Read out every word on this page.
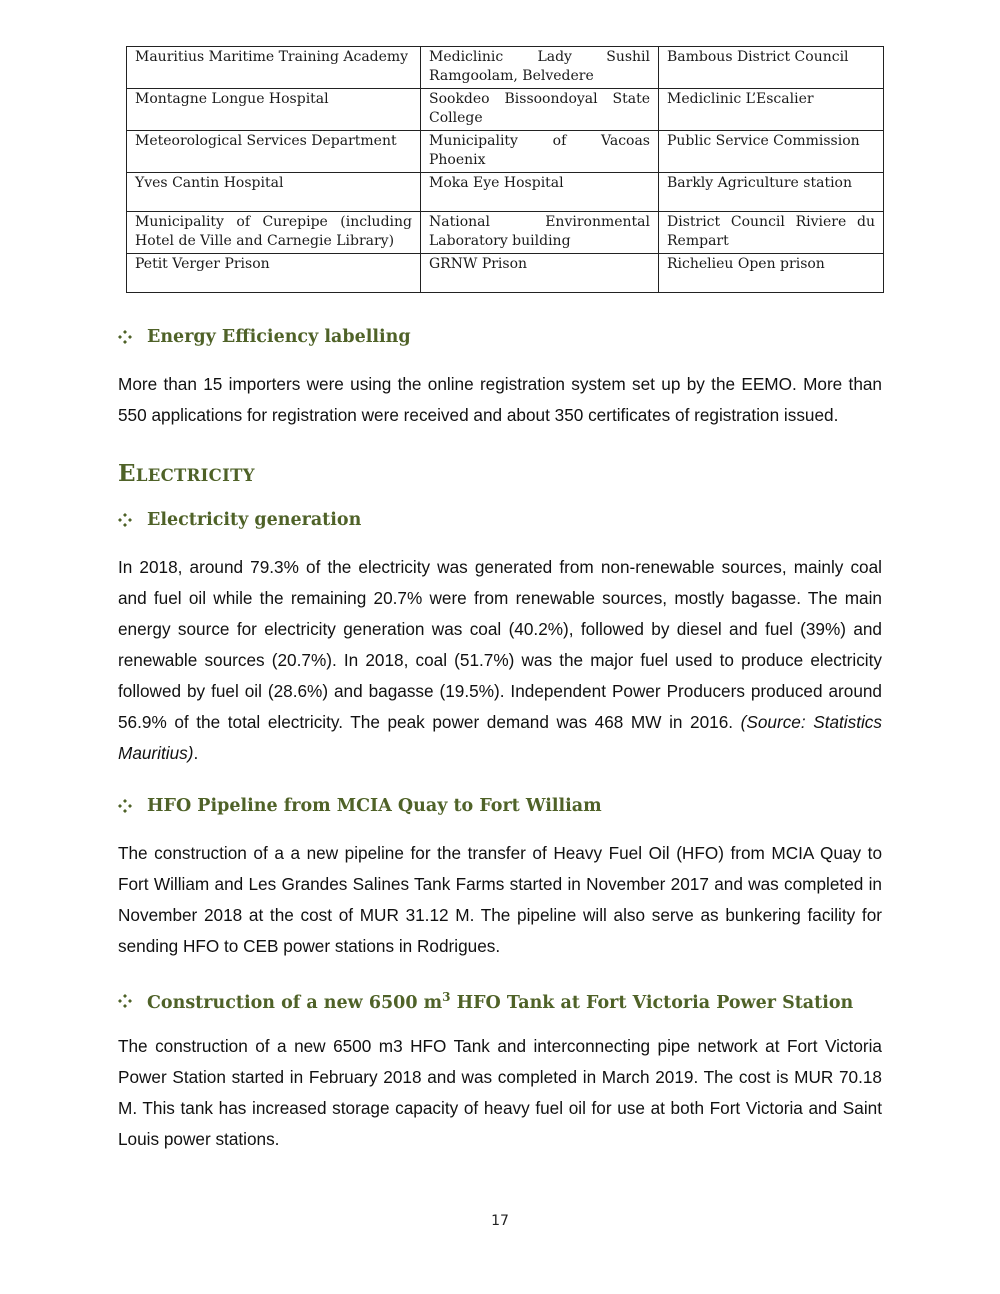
Mauritius Maritime Training Academy	Mediclinic Lady Sushil Ramgoolam, Belvedere	Bambous District Council
Montagne Longue Hospital	Sookdeo Bissoondoyal State College	Mediclinic L’Escalier
Meteorological Services Department	Municipality of Vacoas Phoenix	Public Service Commission
Yves Cantin Hospital	Moka Eye Hospital	Barkly Agriculture station
Municipality of Curepipe (including Hotel de Ville and Carnegie Library)	National Environmental Laboratory building	District Council Riviere du Rempart
Petit Verger Prison	GRNW Prison	Richelieu Open prison
Energy Efficiency labelling

More than 15 importers were using the online registration system set up by the EEMO. More than 550 applications for registration were received and about 350 certificates of registration issued.

ELECTRICITY
Electricity generation

In 2018, around 79.3% of the electricity was generated from non-renewable sources, mainly coal and fuel oil while the remaining 20.7% were from renewable sources, mostly bagasse. The main energy source for electricity generation was coal (40.2%), followed by diesel and fuel (39%) and renewable sources (20.7%). In 2018, coal (51.7%) was the major fuel used to produce electricity followed by fuel oil (28.6%) and bagasse (19.5%). Independent Power Producers produced around 56.9% of the total electricity. The peak power demand was 468 MW in 2016. (Source: Statistics Mauritius).

HFO Pipeline from MCIA Quay to Fort William

The construction of a a new pipeline for the transfer of Heavy Fuel Oil (HFO) from MCIA Quay to Fort William and Les Grandes Salines Tank Farms started in November 2017 and was completed in November 2018 at the cost of MUR 31.12 M. The pipeline will also serve as bunkering facility for sending HFO to CEB power stations in Rodrigues.

Construction of a new 6500 $m^3$ HFO Tank at Fort Victoria Power Station

The construction of a new 6500 m3 HFO Tank and interconnecting pipe network at Fort Victoria Power Station started in February 2018 and was completed in March 2019. The cost is MUR 70.18 M. This tank has increased storage capacity of heavy fuel oil for use at both Fort Victoria and Saint Louis power stations.

17
